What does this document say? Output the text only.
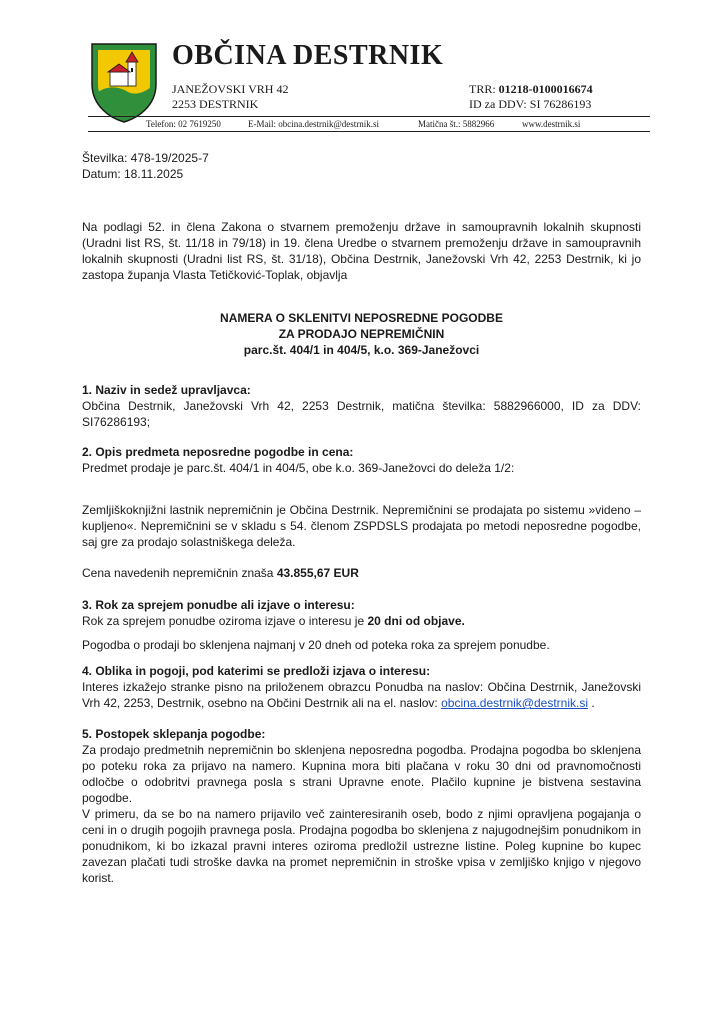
OBČINA DESTRNIK
JANEŽOVSKI VRH 42
2253 DESTRNIK
TRR: 01218-0100016674
ID za DDV: SI 76286193
Telefon: 02 7619250	E-Mail: obcina.destrnik@destrnik.si	Matična št.: 5882966	www.destrnik.si
Številka: 478-19/2025-7
Datum: 18.11.2025

Na podlagi 52. in člena Zakona o stvarnem premoženju države in samoupravnih lokalnih skupnosti (Uradni list RS, št. 11/18 in 79/18) in 19. člena Uredbe o stvarnem premoženju države in samoupravnih lokalnih skupnosti (Uradni list RS, št. 31/18), Občina Destrnik, Janežovski Vrh 42, 2253 Destrnik, ki jo zastopa županja Vlasta Tetičković-Toplak, objavlja

NAMERA O SKLENITVI NEPOSREDNE POGODBE
ZA PRODAJO NEPREMIČNIN
parc.št. 404/1 in 404/5, k.o. 369-Janežovci
1. Naziv in sedež upravljavca:

Občina Destrnik, Janežovski Vrh 42, 2253 Destrnik, matična številka: 5882966000, ID za DDV: SI76286193;

2. Opis predmeta neposredne pogodbe in cena:

Predmet prodaje je parc.št. 404/1 in 404/5, obe k.o. 369-Janežovci do deleža 1/2:

Zemljiškoknjižni lastnik nepremičnin je Občina Destrnik. Nepremičnini se prodajata po sistemu »videno – kupljeno«. Nepremičnini se v skladu s 54. členom ZSPDSLS prodajata po metodi neposredne pogodbe, saj gre za prodajo solastniškega deleža.

Cena navedenih nepremičnin znaša 43.855,67 EUR
3. Rok za sprejem ponudbe ali izjave o interesu:
Rok za sprejem ponudbe oziroma izjave o interesu je 20 dni od objave.

Pogodba o prodaji bo sklenjena najmanj v 20 dneh od poteka roka za sprejem ponudbe.

4. Oblika in pogoji, pod katerimi se predloži izjava o interesu:

Interes izkažejo stranke pisno na priloženem obrazcu Ponudba na naslov: Občina Destrnik, Janežovski Vrh 42, 2253, Destrnik, osebno na Občini Destrnik ali na el. naslov: obcina.destrnik@destrnik.si .

5. Postopek sklepanja pogodbe:

Za prodajo predmetnih nepremičnin bo sklenjena neposredna pogodba. Prodajna pogodba bo sklenjena po poteku roka za prijavo na namero. Kupnina mora biti plačana v roku 30 dni od pravnomočnosti odločbe o odobritvi pravnega posla s strani Upravne enote. Plačilo kupnine je bistvena sestavina pogodbe.

V primeru, da se bo na namero prijavilo več zainteresiranih oseb, bodo z njimi opravljena pogajanja o ceni in o drugih pogojih pravnega posla. Prodajna pogodba bo sklenjena z najugodnejšim ponudnikom in ponudnikom, ki bo izkazal pravni interes oziroma predložil ustrezne listine. Poleg kupnine bo kupec zavezan plačati tudi stroške davka na promet nepremičnin in stroške vpisa v zemljiško knjigo v njegovo korist.
